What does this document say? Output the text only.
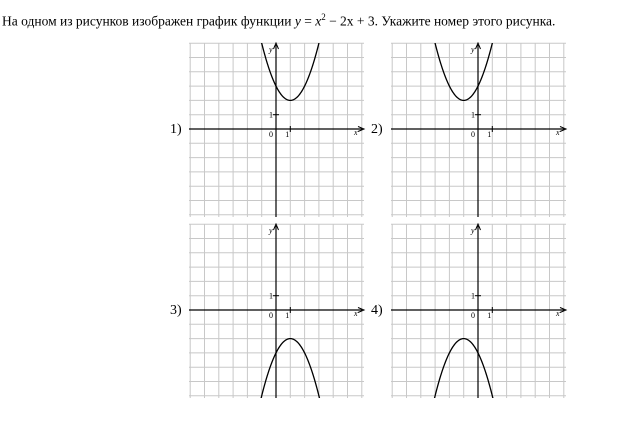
На одном из рисунков изображен график функции $y = x^2 - 2x + 3$. Укажите номер этого рисунка.
1)	2)
3)	4)
x
y
0 1
1
x
y
0 1
1
x
y
0 1
1
x
y
0 1
1
